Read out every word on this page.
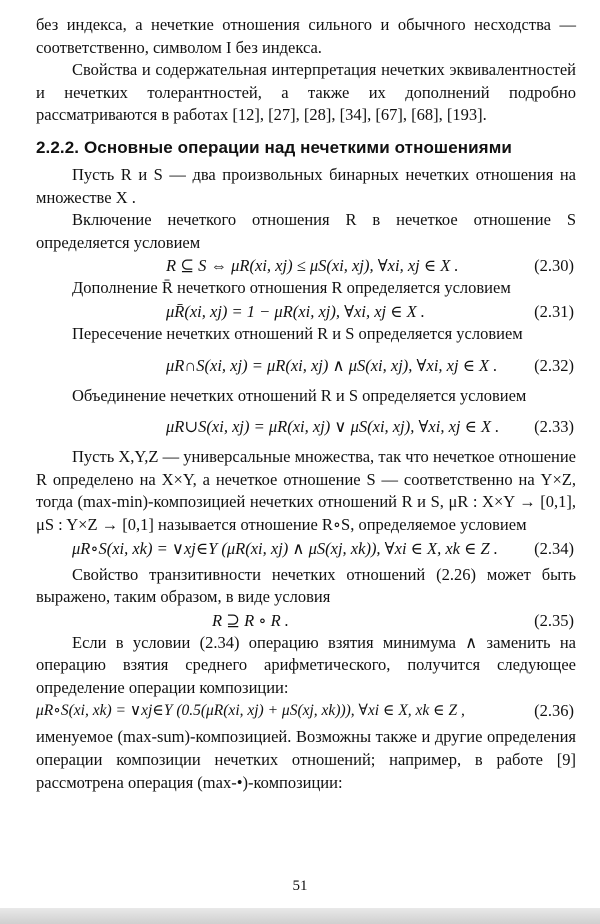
без индекса, а нечеткие отношения сильного и обычного несходства — соответственно, символом I без индекса.

Свойства и содержательная интерпретация нечетких эквивалентностей и нечетких толерантностей, а также их дополнений подробно рассматриваются в работах [12], [27], [28], [34], [67], [68], [193].

2.2.2. Основные операции над нечеткими отношениями

Пусть R и S — два произвольных бинарных нечетких отношения на множестве X .

Включение нечеткого отношения R в нечеткое отношение S определяется условием

R ⊆ S ⇔ μR(xi, xj) ≤ μS(xi, xj), ∀xi, xj ∈ X .	(2.30)

Дополнение R̄ нечеткого отношения R определяется условием

μR̄(xi, xj) = 1 − μR(xi, xj), ∀xi, xj ∈ X .	(2.31)

Пересечение нечетких отношений R и S определяется условием

μR∩S(xi, xj) = μR(xi, xj) ∧ μS(xi, xj), ∀xi, xj ∈ X . (2.32)

Объединение нечетких отношений R и S определяется условием

μR∪S(xi, xj) = μR(xi, xj) ∨ μS(xi, xj), ∀xi, xj ∈ X . (2.33)

Пусть X,Y,Z — универсальные множества, так что нечеткое отношение R определено на X×Y, а нечеткое отношение S — соответственно на Y×Z, тогда (max-min)-композицией нечетких отношений R и S, μR : X×Y → [0,1], μS : Y×Z → [0,1] называется отношение R∘S, определяемое условием

μR∘S(xi, xk) = ∨xj∈Y (μR(xi, xj) ∧ μS(xj, xk)), ∀xi ∈ X, xk ∈ Z . (2.34)

Свойство транзитивности нечетких отношений (2.26) может быть выражено, таким образом, в виде условия

R ⊇ R ∘ R .	(2.35)

Если в условии (2.34) операцию взятия минимума ∧ заменить на операцию взятия среднего арифметического, получится следующее определение операции композиции:

μR∘S(xi, xk) = ∨xj∈Y (0.5(μR(xi, xj) + μS(xj, xk))), ∀xi ∈ X, xk ∈ Z ,	(2.36)

именуемое (max-sum)-композицией. Возможны также и другие определения операции композиции нечетких отношений; например, в работе [9] рассмотрена операция (max-•)-композиции:

51
